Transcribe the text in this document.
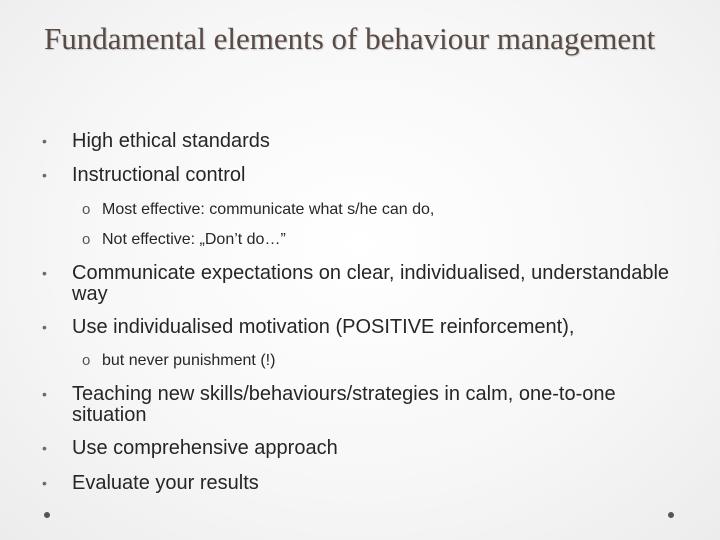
Fundamental elements of behaviour management
• High ethical standards
• Instructional control
o Most effective: communicate what s/he can do,
o Not effective: „Don’t do…”
• Communicate expectations on clear, individualised, understandable way
• Use individualised motivation (POSITIVE reinforcement),
o but never punishment (!)
• Teaching new skills/behaviours/strategies in calm, one-to-one situation
• Use comprehensive approach
• Evaluate your results
